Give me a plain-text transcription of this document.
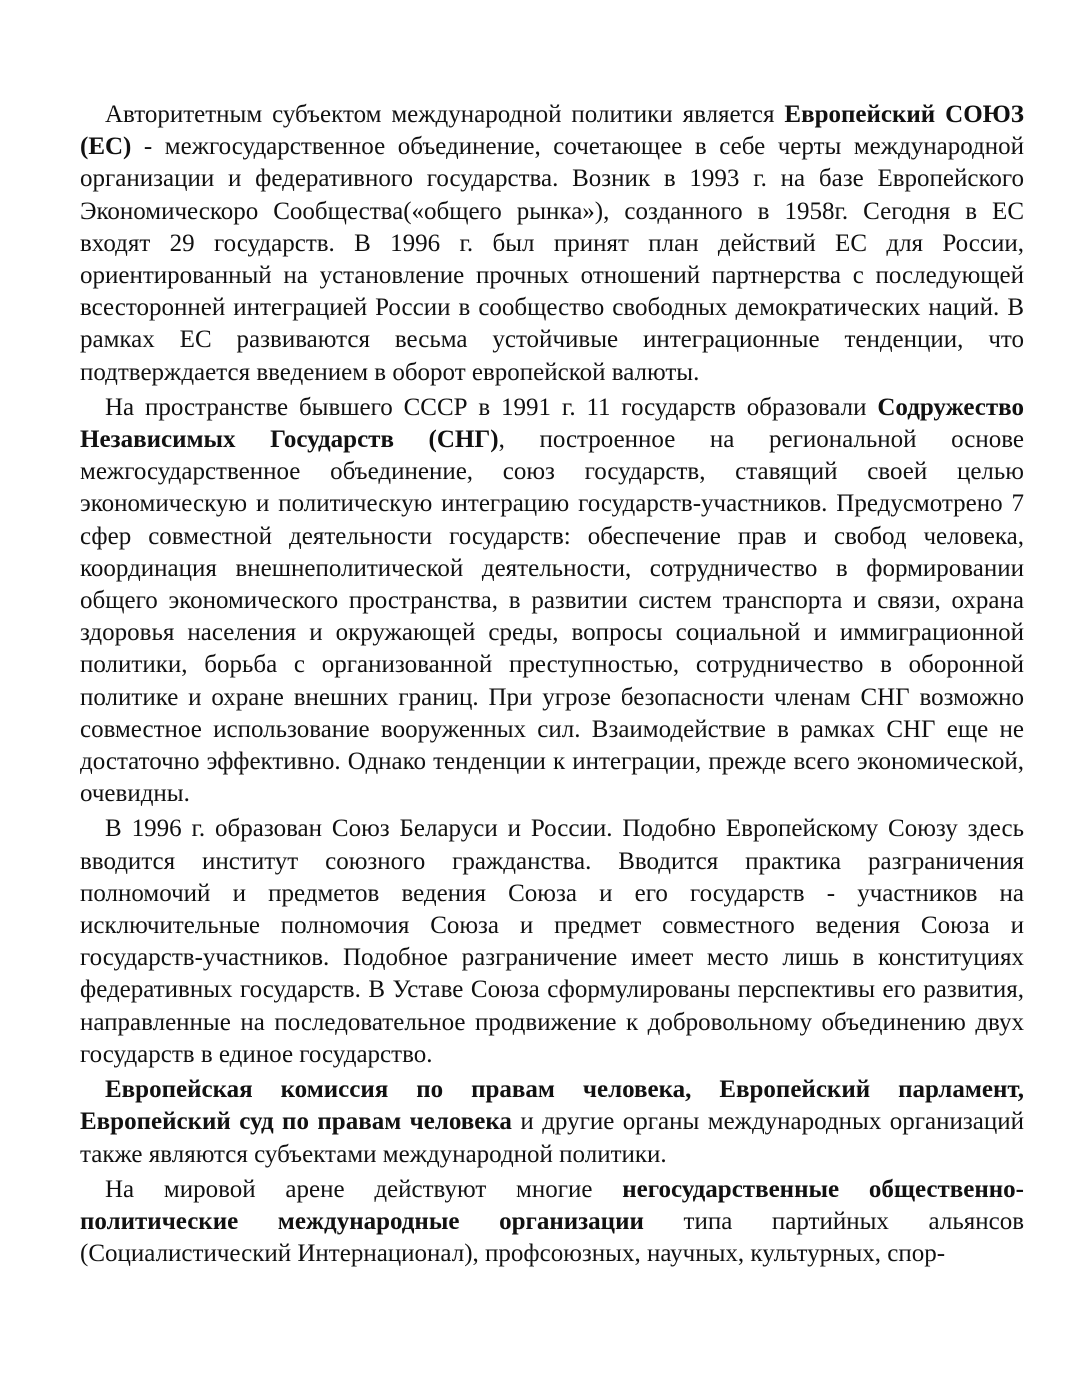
Авторитетным субъектом международной политики является Европейский СОЮЗ (ЕС) - межгосударственное объединение, сочетающее в себе черты международной организации и федеративного государства. Возник в 1993 г. на базе Европейского Экономическоро Сообщества(«общего рынка»), созданного в 1958г. Сегодня в ЕС входят 29 государств. В 1996 г. был принят план действий ЕС для России, ориентированный на установление прочных отношений партнерства с последующей всесторонней интеграцией России в сообщество свободных демократических наций. В рамках ЕС развиваются весьма устойчивые интеграционные тенденции, что подтверждается введением в оборот европейской валюты.

На пространстве бывшего СССР в 1991 г. 11 государств образовали Содружество Независимых Государств (СНГ), построенное на региональной основе межгосударственное объединение, союз государств, ставящий своей целью экономическую и политическую интеграцию государств-участников. Предусмотрено 7 сфер совместной деятельности государств: обеспечение прав и свобод человека, координация внешнеполитической деятельности, сотрудничество в формировании общего экономического пространства, в развитии систем транспорта и связи, охрана здоровья населения и окружающей среды, вопросы социальной и иммиграционной политики, борьба с организованной преступностью, сотрудничество в оборонной политике и охране внешних границ. При угрозе безопасности членам СНГ возможно совместное использование вооруженных сил. Взаимодействие в рамках СНГ еще не достаточно эффективно. Однако тенденции к интеграции, прежде всего экономической, очевидны.

В 1996 г. образован Союз Беларуси и России. Подобно Европейскому Союзу здесь вводится институт союзного гражданства. Вводится практика разграничения полномочий и предметов ведения Союза и его государств - участников на исключительные полномочия Союза и предмет совместного ведения Союза и государств-участников. Подобное разграничение имеет место лишь в конституциях федеративных государств. В Уставе Союза сформулированы перспективы его развития, направленные на последовательное продвижение к добровольному объединению двух государств в единое государство.

Европейская комиссия по правам человека, Европейский парламент, Европейский суд по правам человека и другие органы международных организаций также являются субъектами международной политики.

На мировой арене действуют многие негосударственные общественно-политические международные организации типа партийных альянсов (Социалистический Интернационал), профсоюзных, научных, культурных, спор-
